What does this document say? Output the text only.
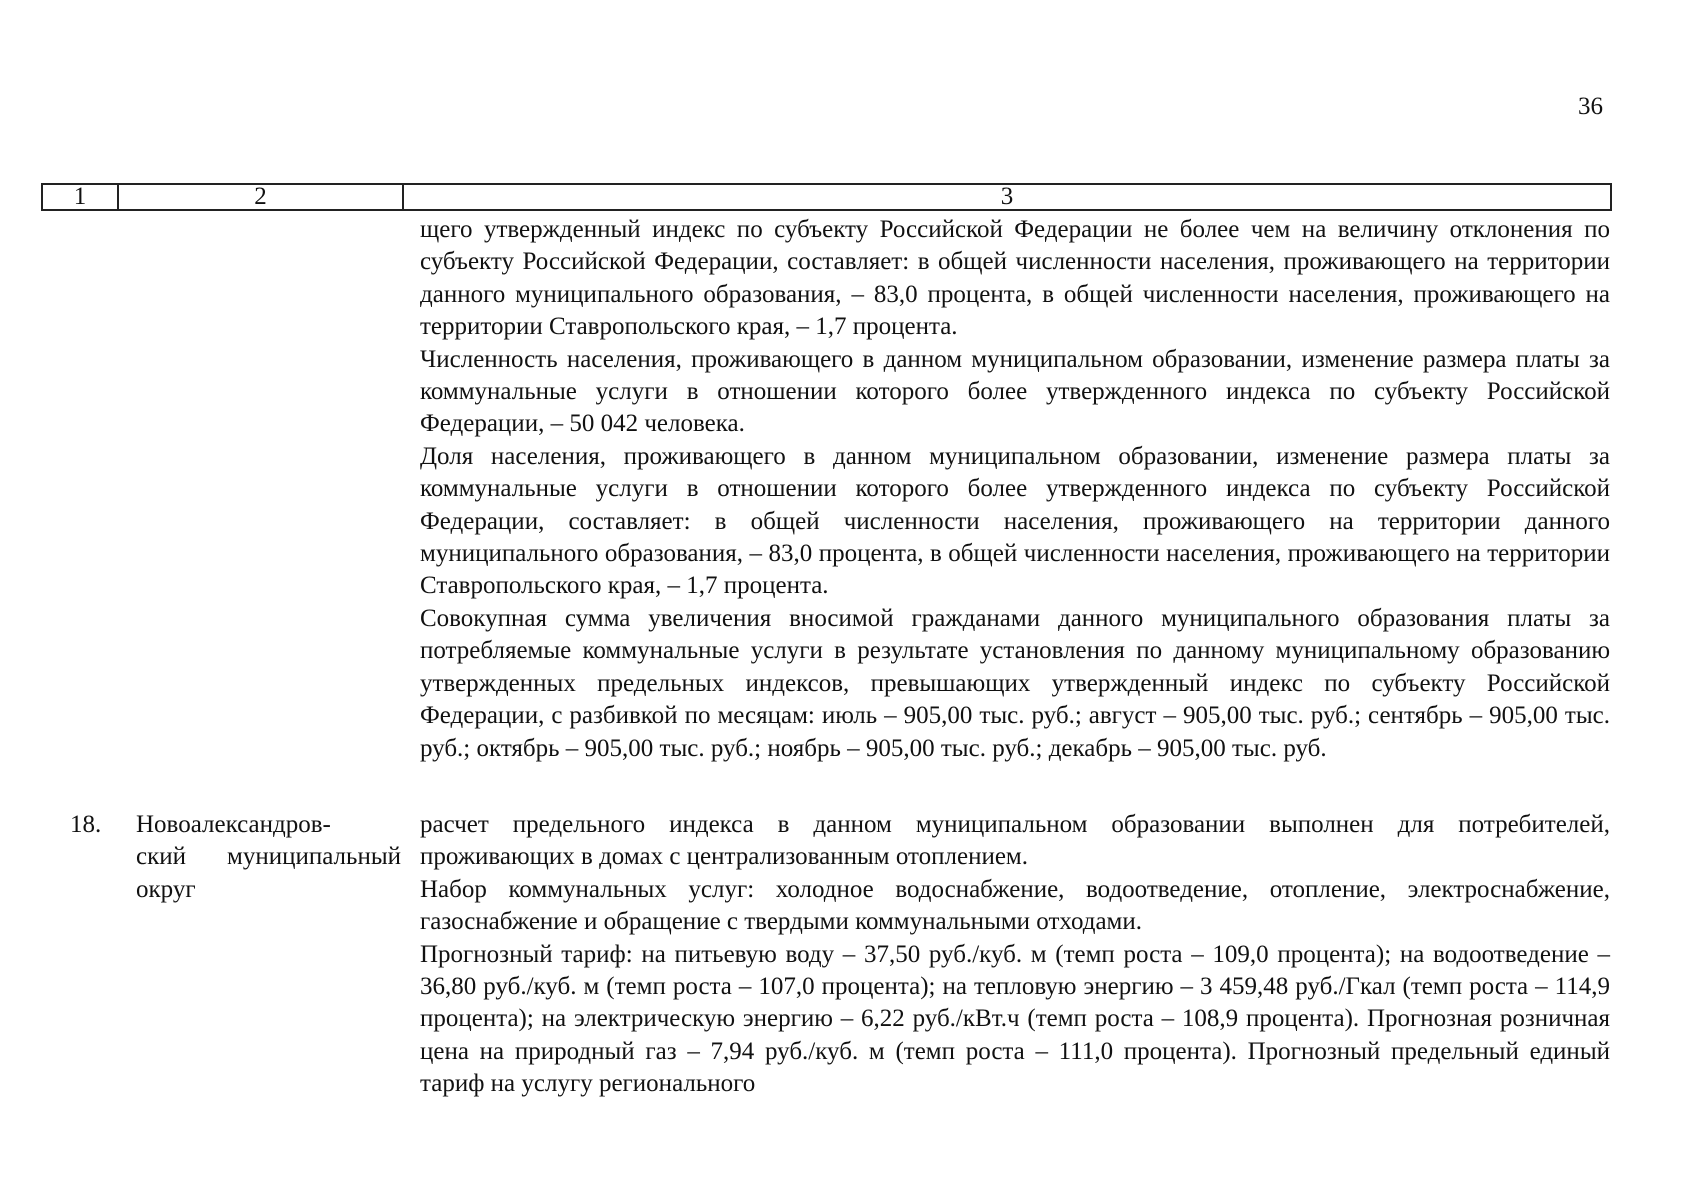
36
1	2	3

щего утвержденный индекс по субъекту Российской Федерации не более чем на величину отклонения по субъекту Российской Федерации, составляет: в общей численности населения, проживающего на территории данного муниципального образования, – 83,0 процента, в общей численности населения, проживающего на территории Ставропольского края, – 1,7 процента.

Численность населения, проживающего в данном муниципальном образовании, изменение размера платы за коммунальные услуги в отношении которого более утвержденного индекса по субъекту Российской Федерации, – 50 042 человека.

Доля населения, проживающего в данном муниципальном образовании, изменение размера платы за коммунальные услуги в отношении которого более утвержденного индекса по субъекту Российской Федерации, составляет: в общей численности населения, проживающего на территории данного муниципального образования, – 83,0 процента, в общей численности населения, проживающего на территории Ставропольского края, – 1,7 процента.

Совокупная сумма увеличения вносимой гражданами данного муниципального образования платы за потребляемые коммунальные услуги в результате установления по данному муниципальному образованию утвержденных предельных индексов, превышающих утвержденный индекс по субъекту Российской Федерации, с разбивкой по месяцам: июль – 905,00 тыс. руб.; август – 905,00 тыс. руб.; сентябрь – 905,00 тыс. руб.; октябрь – 905,00 тыс. руб.; ноябрь – 905,00 тыс. руб.; декабрь – 905,00 тыс. руб.

18. Новоалександров-
ский муниципальный
округ

расчет предельного индекса в данном муниципальном образовании выполнен для потребителей, проживающих в домах с централизованным отоплением.

Набор коммунальных услуг: холодное водоснабжение, водоотведение, отопление, электроснабжение, газоснабжение и обращение с твердыми коммунальными отходами.

Прогнозный тариф: на питьевую воду – 37,50 руб./куб. м (темп роста – 109,0 процента); на водоотведение – 36,80 руб./куб. м (темп роста – 107,0 процента); на тепловую энергию – 3 459,48 руб./Гкал (темп роста – 114,9 процента); на электрическую энергию – 6,22 руб./кВт.ч (темп роста – 108,9 процента). Прогнозная розничная цена на природный газ – 7,94 руб./куб. м (темп роста – 111,0 процента). Прогнозный предельный единый тариф на услугу регионального
